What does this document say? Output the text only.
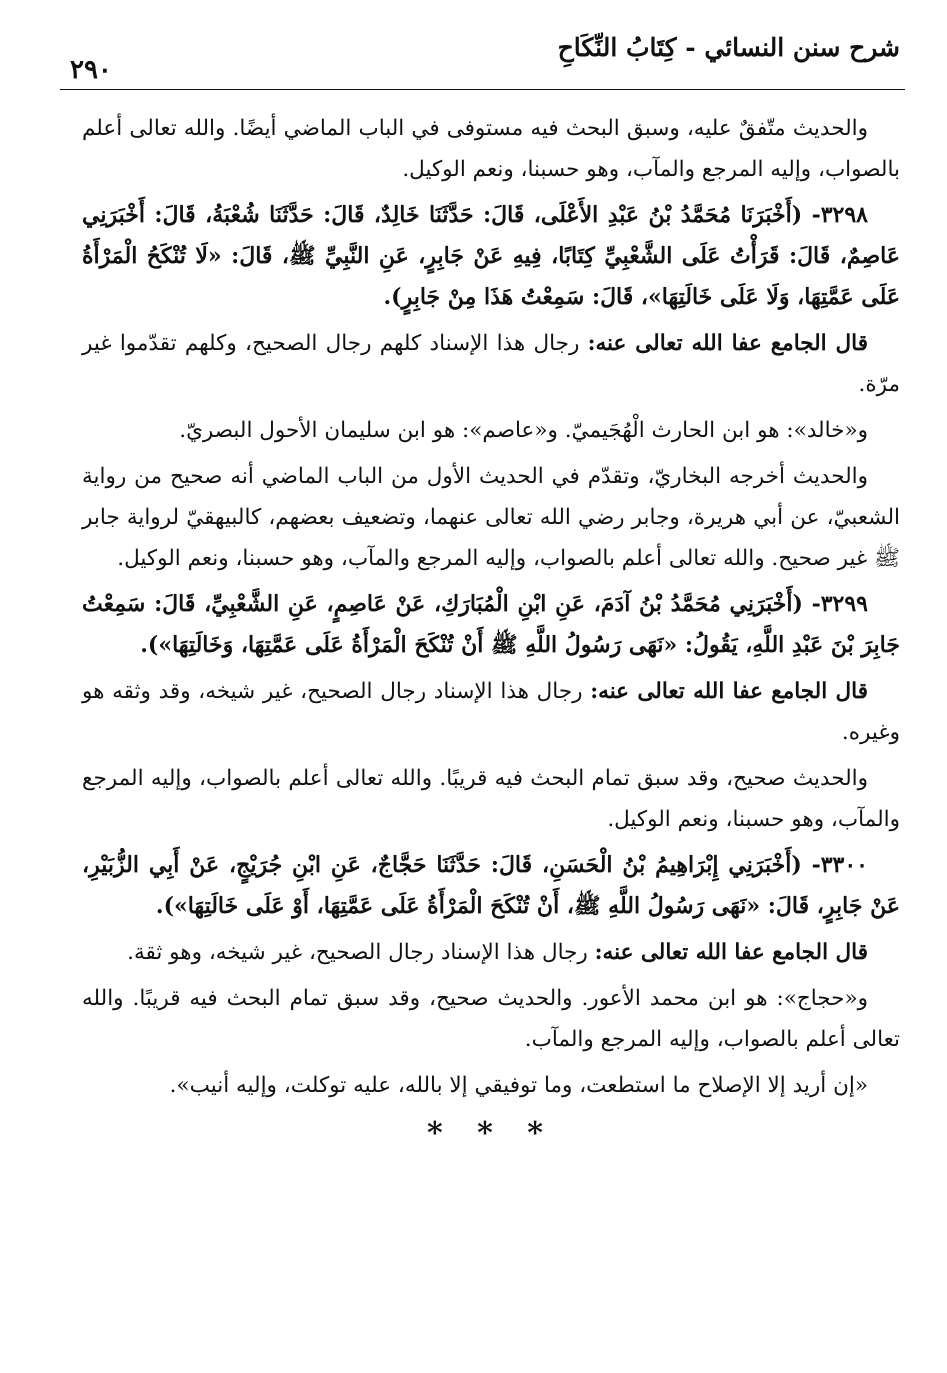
شرح سنن النسائي - كِتَابُ النِّكَاحِ
٢٩٠

والحديث متّفقٌ عليه، وسبق البحث فيه مستوفى في الباب الماضي أيضًا. والله تعالى أعلم بالصواب، وإليه المرجع والمآب، وهو حسبنا، ونعم الوكيل.

٣٢٩٨- (أَخْبَرَنَا مُحَمَّدُ بْنُ عَبْدِ الأَعْلَى، قَالَ: حَدَّثَنَا خَالِدٌ، قَالَ: حَدَّثَنَا شُعْبَةُ، قَالَ: أَخْبَرَنِي عَاصِمٌ، قَالَ: قَرَأْتُ عَلَى الشَّعْبِيِّ كِتَابًا، فِيهِ عَنْ جَابِرٍ، عَنِ النَّبِيِّ ﷺ، قَالَ: «لَا تُنْكَحُ الْمَرْأَةُ عَلَى عَمَّتِهَا، وَلَا عَلَى خَالَتِهَا»، قَالَ: سَمِعْتُ هَذَا مِنْ جَابِرٍ).

قال الجامع عفا الله تعالى عنه: رجال هذا الإسناد كلهم رجال الصحيح، وكلهم تقدّموا غير مرّة.

و«خالد»: هو ابن الحارث الْهُجَيميّ. و«عاصم»: هو ابن سليمان الأحول البصريّ.

والحديث أخرجه البخاريّ، وتقدّم في الحديث الأول من الباب الماضي أنه صحيح من رواية الشعبيّ، عن أبي هريرة، وجابر رضي الله تعالى عنهما، وتضعيف بعضهم، كالبيهقيّ لرواية جابر ﷺ غير صحيح. والله تعالى أعلم بالصواب، وإليه المرجع والمآب، وهو حسبنا، ونعم الوكيل.

٣٢٩٩- (أَخْبَرَنِي مُحَمَّدُ بْنُ آدَمَ، عَنِ ابْنِ الْمُبَارَكِ، عَنْ عَاصِمٍ، عَنِ الشَّعْبِيِّ، قَالَ: سَمِعْتُ جَابِرَ بْنَ عَبْدِ اللَّهِ، يَقُولُ: «نَهَى رَسُولُ اللَّهِ ﷺ أَنْ تُنْكَحَ الْمَرْأَةُ عَلَى عَمَّتِهَا، وَخَالَتِهَا»).

قال الجامع عفا الله تعالى عنه: رجال هذا الإسناد رجال الصحيح، غير شيخه، وقد وثقه هو وغيره.

والحديث صحيح، وقد سبق تمام البحث فيه قريبًا. والله تعالى أعلم بالصواب، وإليه المرجع والمآب، وهو حسبنا، ونعم الوكيل.

٣٣٠٠- (أَخْبَرَنِي إِبْرَاهِيمُ بْنُ الْحَسَنِ، قَالَ: حَدَّثَنَا حَجَّاجٌ، عَنِ ابْنِ جُرَيْجٍ، عَنْ أَبِي الزُّبَيْرِ، عَنْ جَابِرٍ، قَالَ: «نَهَى رَسُولُ اللَّهِ ﷺ، أَنْ تُنْكَحَ الْمَرْأَةُ عَلَى عَمَّتِهَا، أَوْ عَلَى خَالَتِهَا»).

قال الجامع عفا الله تعالى عنه: رجال هذا الإسناد رجال الصحيح، غير شيخه، وهو ثقة.

و«حجاج»: هو ابن محمد الأعور. والحديث صحيح، وقد سبق تمام البحث فيه قريبًا. والله تعالى أعلم بالصواب، وإليه المرجع والمآب.

«إن أريد إلا الإصلاح ما استطعت، وما توفيقي إلا بالله، عليه توكلت، وإليه أنيب».

* * *
